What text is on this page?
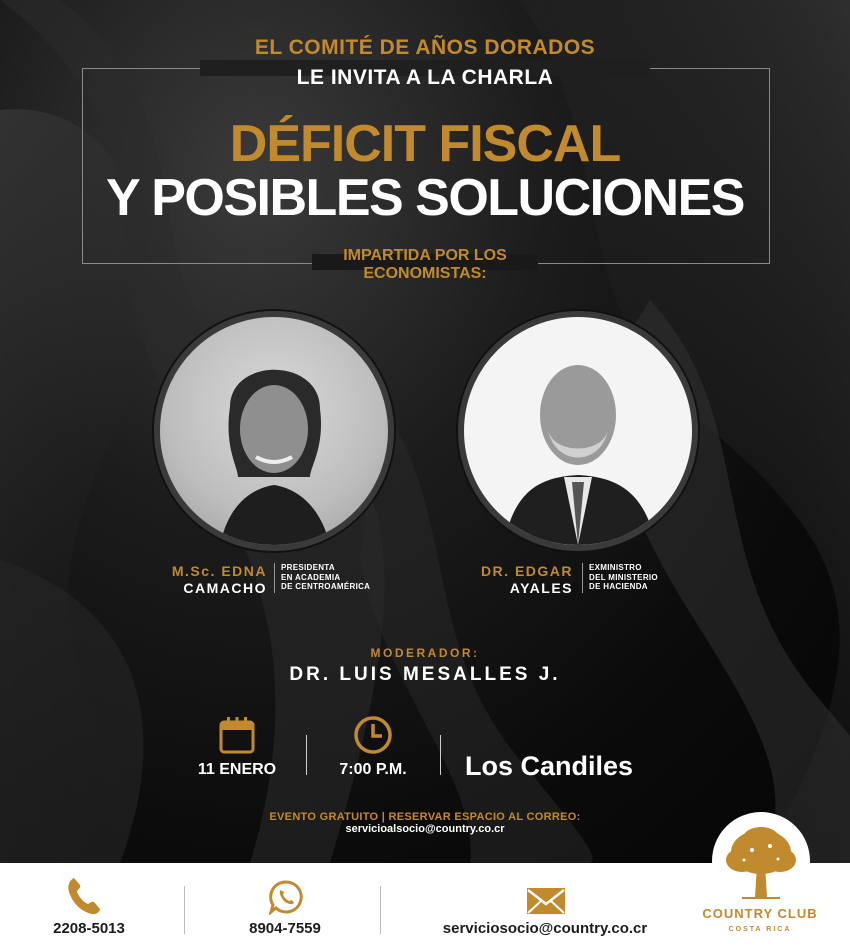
EL COMITÉ DE AÑOS DORADOS
LE INVITA A LA CHARLA
DÉFICIT FISCAL
Y POSIBLES SOLUCIONES
IMPARTIDA POR LOS
ECONOMISTAS:
M.Sc. EDNA
CAMACHO
PRESIDENTA
EN ACADEMIA
DE CENTROAMÉRICA
DR. EDGAR
AYALES
EXMINISTRO
DEL MINISTERIO
DE HACIENDA
MODERADOR:
DR. LUIS MESALLES J.
11 ENERO	7:00 P.M.	Los Candiles
EVENTO GRATUITO | RESERVAR ESPACIO AL CORREO:
servicioalsocio@country.co.cr
2208-5013	8904-7559	serviciosocio@country.co.cr
COUNTRY CLUB
COSTA RICA
